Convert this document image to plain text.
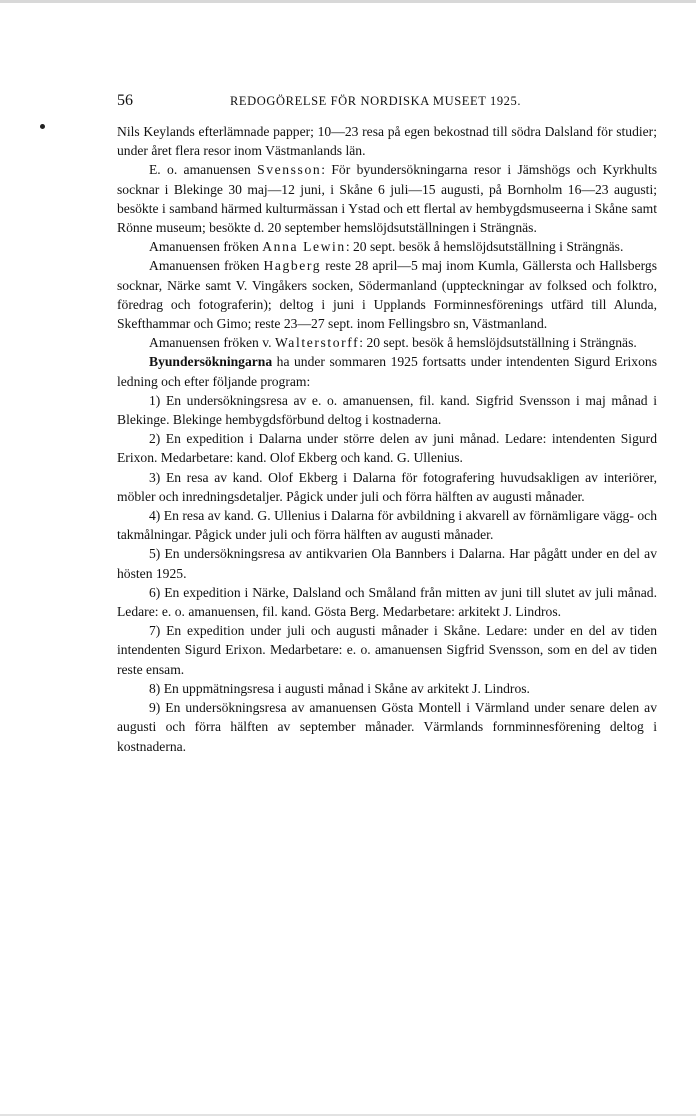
56	REDOGÖRELSE FÖR NORDISKA MUSEET 1925.

Nils Keylands efterlämnade papper; 10—23 resa på egen bekostnad till södra Dalsland för studier; under året flera resor inom Västmanlands län.

E. o. amanuensen Svensson: För byundersökningarna resor i Jämshögs och Kyrkhults socknar i Blekinge 30 maj—12 juni, i Skåne 6 juli—15 augusti, på Bornholm 16—23 augusti; besökte i samband härmed kulturmässan i Ystad och ett flertal av hembygdsmuseerna i Skåne samt Rönne museum; besökte d. 20 september hemslöjdsutställningen i Strängnäs.

Amanuensen fröken Anna Lewin: 20 sept. besök å hemslöjdsutställning i Strängnäs.

Amanuensen fröken Hagberg reste 28 april—5 maj inom Kumla, Gällersta och Hallsbergs socknar, Närke samt V. Vingåkers socken, Södermanland (uppteckningar av folksed och folktro, föredrag och fotograferin); deltog i juni i Upplands Forminnesförenings utfärd till Alunda, Skefthammar och Gimo; reste 23—27 sept. inom Fellingsbro sn, Västmanland.

Amanuensen fröken v. Walterstorff: 20 sept. besök å hemslöjdsutställning i Strängnäs.

Byundersökningarna ha under sommaren 1925 fortsatts under intendenten Sigurd Erixons ledning och efter följande program:

1) En undersökningsresa av e. o. amanuensen, fil. kand. Sigfrid Svensson i maj månad i Blekinge. Blekinge hembygdsförbund deltog i kostnaderna.

2) En expedition i Dalarna under större delen av juni månad. Ledare: intendenten Sigurd Erixon. Medarbetare: kand. Olof Ekberg och kand. G. Ullenius.

3) En resa av kand. Olof Ekberg i Dalarna för fotografering huvudsakligen av interiörer, möbler och inredningsdetaljer. Pågick under juli och förra hälften av augusti månader.

4) En resa av kand. G. Ullenius i Dalarna för avbildning i akvarell av förnämligare vägg- och takmålningar. Pågick under juli och förra hälften av augusti månader.

5) En undersökningsresa av antikvarien Ola Bannbers i Dalarna. Har pågått under en del av hösten 1925.

6) En expedition i Närke, Dalsland och Småland från mitten av juni till slutet av juli månad. Ledare: e. o. amanuensen, fil. kand. Gösta Berg. Medarbetare: arkitekt J. Lindros.

7) En expedition under juli och augusti månader i Skåne. Ledare: under en del av tiden intendenten Sigurd Erixon. Medarbetare: e. o. amanuensen Sigfrid Svensson, som en del av tiden reste ensam.

8) En uppmätningsresa i augusti månad i Skåne av arkitekt J. Lindros.

9) En undersökningsresa av amanuensen Gösta Montell i Värmland under senare delen av augusti och förra hälften av september månader. Värmlands fornminnesförening deltog i kostnaderna.
